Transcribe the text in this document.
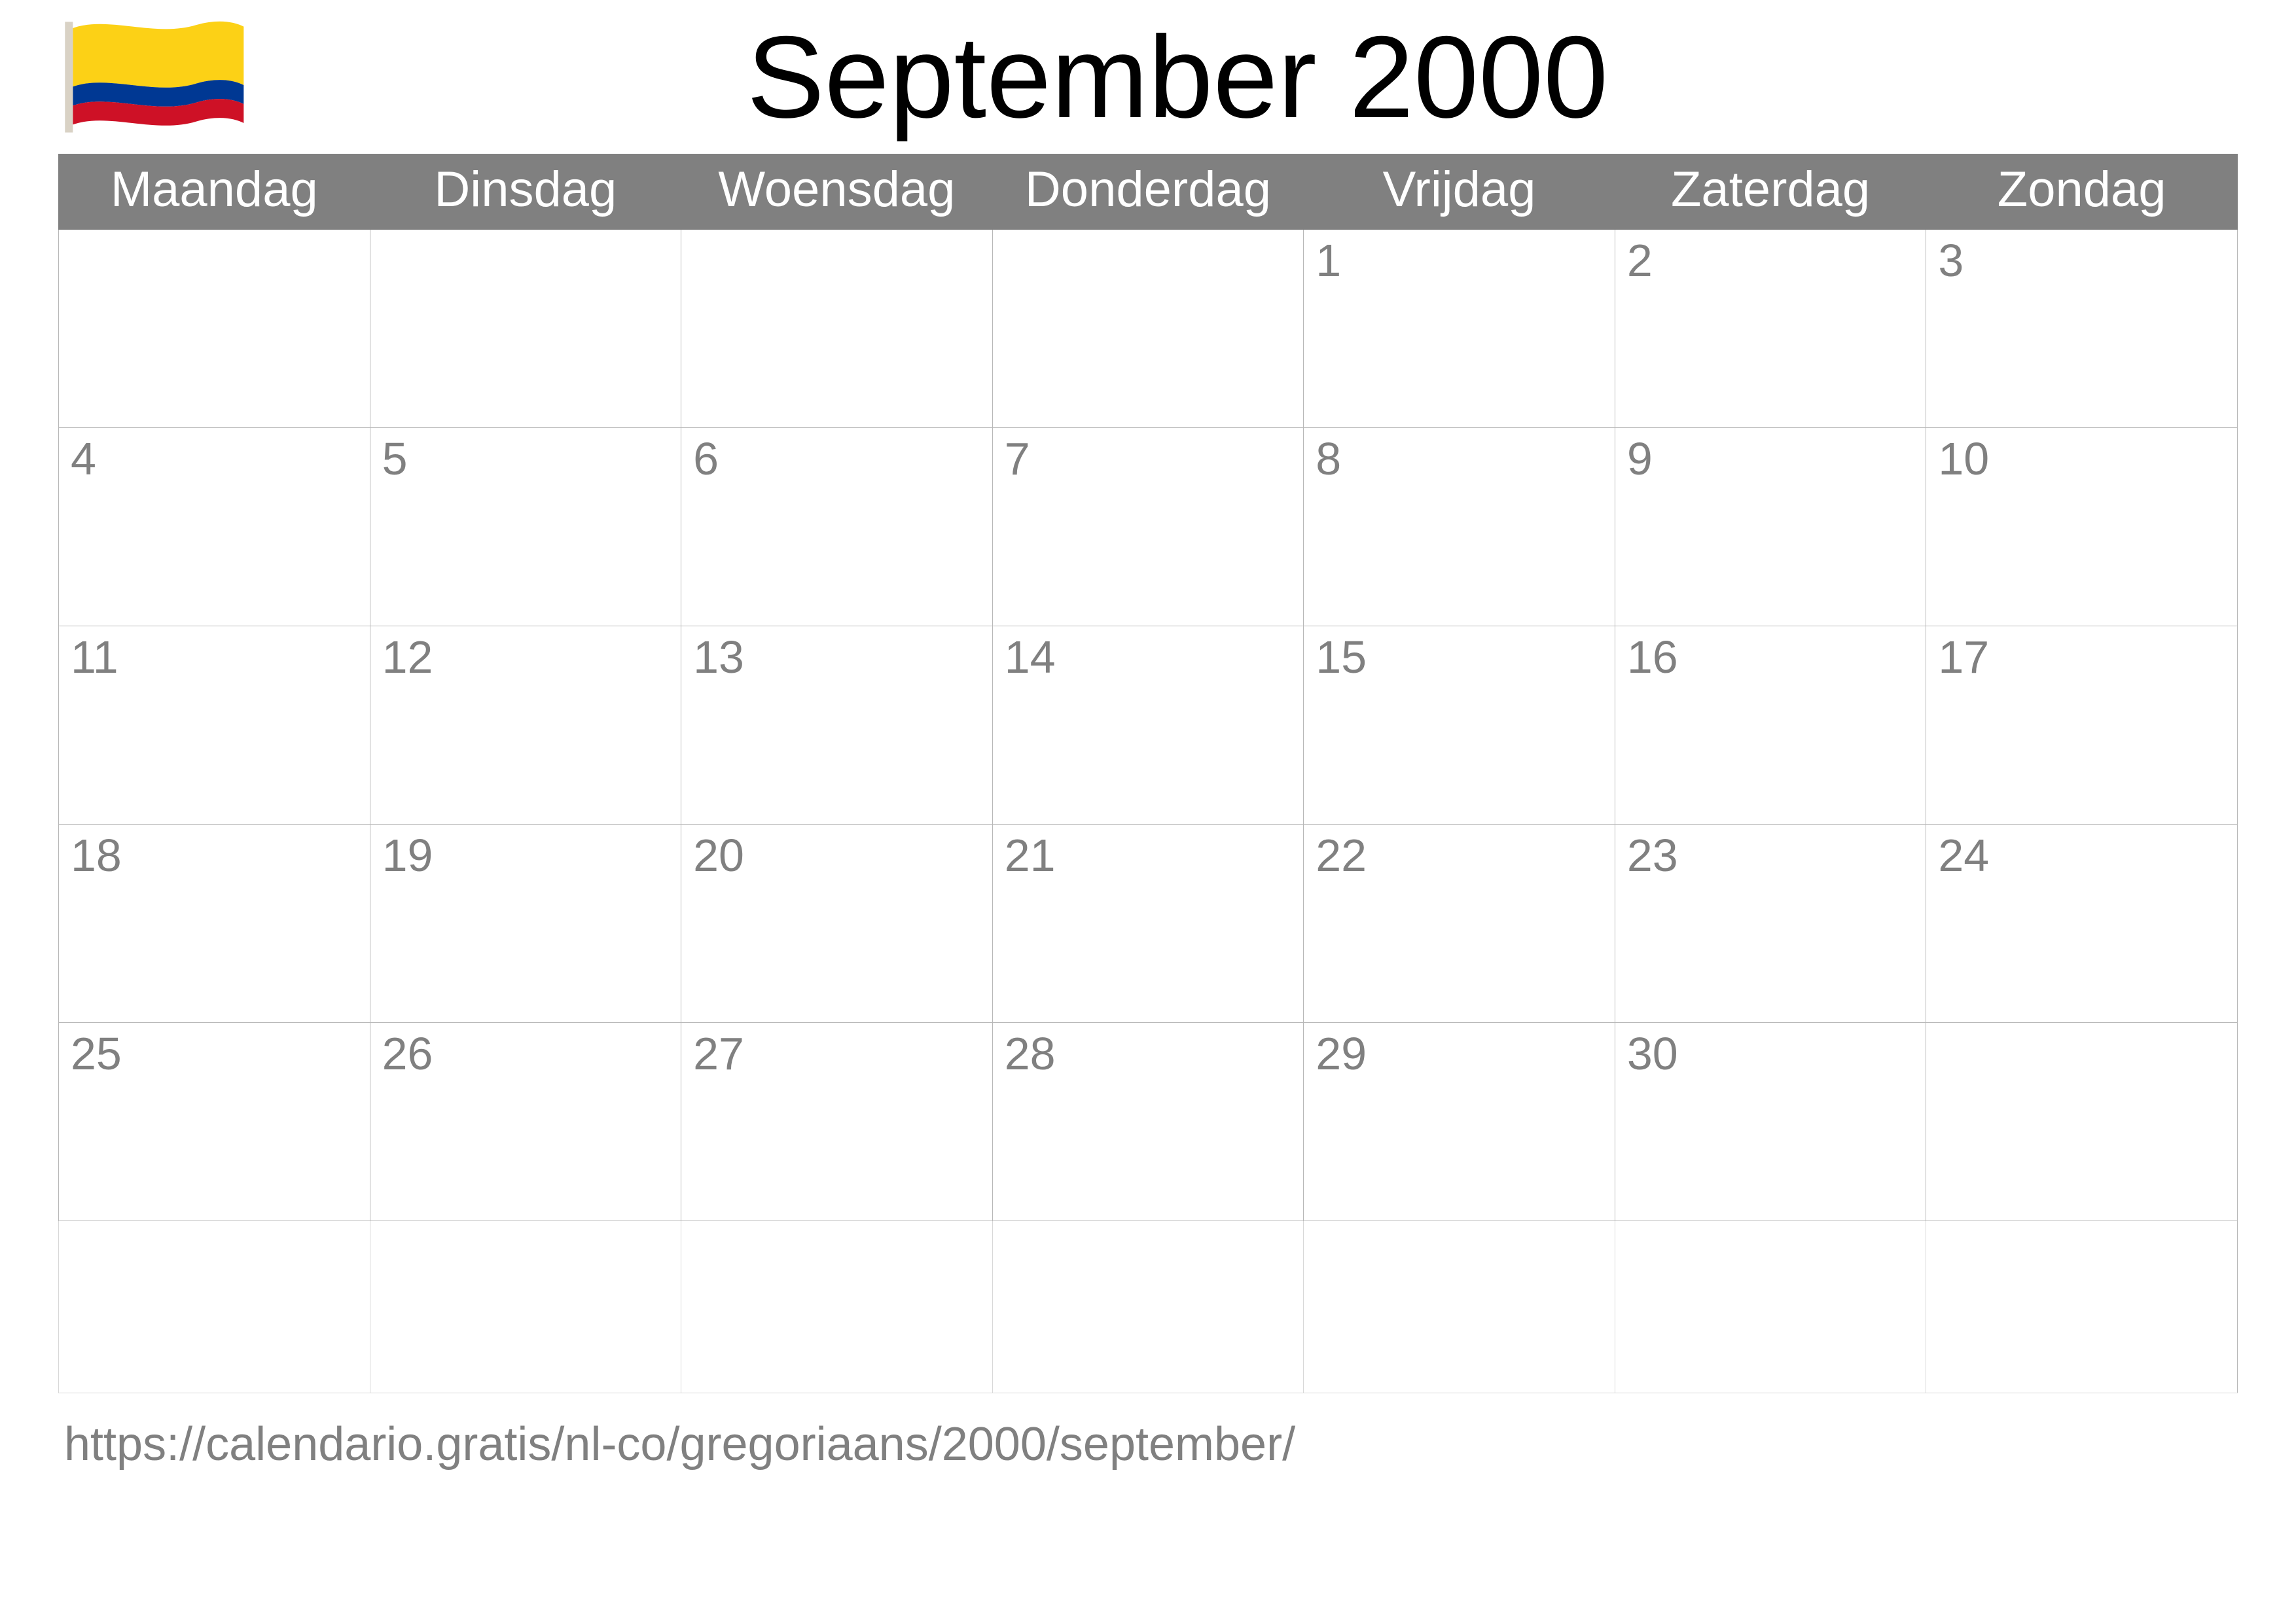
September 2000
Maandag	Dinsdag	Woensdag	Donderdag	Vrijdag	Zaterdag	Zondag
				1	2	3
4	5	6	7	8	9	10
11	12	13	14	15	16	17
18	19	20	21	22	23	24
25	26	27	28	29	30	

https://calendario.gratis/nl-co/gregoriaans/2000/september/
